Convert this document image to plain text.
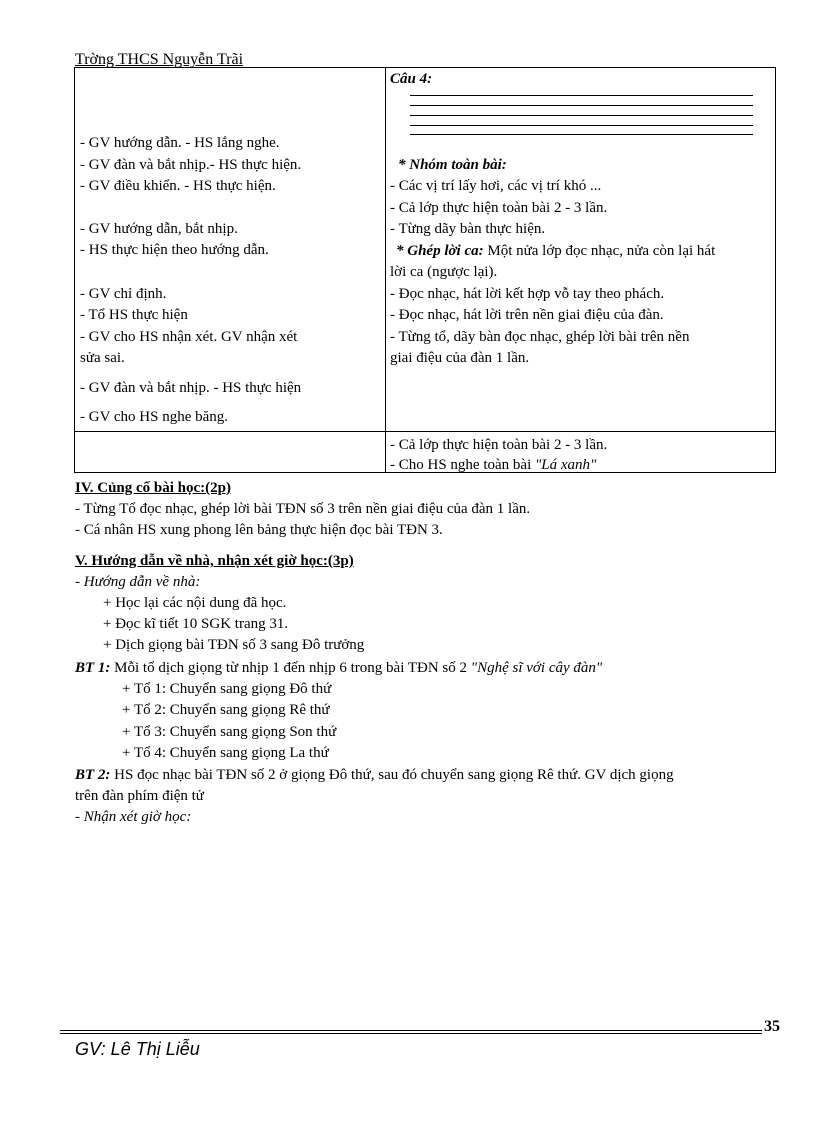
Trờng THCS Nguyễn Trãi
- GV hướng dẫn. - HS lắng nghe.
- GV đàn và bắt nhịp.- HS thực hiện.
- GV điều khiển. - HS thực hiện.
- GV hướng dẫn, bắt nhịp.
- HS thực hiện theo hướng dẫn.
- GV chỉ định.
- Tổ HS thực hiện
- GV cho HS nhận xét. GV nhận xét
sửa sai.
- GV đàn và bắt nhịp. - HS thực hiện
- GV cho HS nghe băng.
Câu 4:
* Nhóm toàn bài:
- Các vị trí lấy hơi, các vị trí khó ...
- Cả lớp thực hiện toàn bài 2 - 3 lần.
- Từng dãy bàn thực hiện.
* Ghép lời ca: Một nửa lớp đọc nhạc, nửa còn lại hát
lời ca (ngược lại).
- Đọc nhạc, hát lời kết hợp vỗ tay theo phách.
- Đọc nhạc, hát lời trên nền giai điệu của đàn.
- Từng tổ, dãy bàn đọc nhạc, ghép lời bài trên nền
giai điệu của đàn 1 lần.
- Cả lớp thực hiện toàn bài 2 - 3 lần.
- Cho HS nghe toàn bài "Lá xanh"
IV. Củng cố bài học:(2p)
- Từng Tổ đọc nhạc, ghép lời bài TĐN số 3 trên nền giai điệu của đàn 1 lần.
- Cá nhân HS xung phong lên bảng thực hiện đọc bài TĐN 3.
V. Hướng dẫn về nhà, nhận xét giờ học:(3p)
- Hướng dẫn về nhà:
+ Học lại các nội dung đã học.
+ Đọc kĩ tiết 10 SGK trang 31.
+ Dịch giọng bài TĐN số 3 sang Đô trưởng
BT 1: Mỗi tổ dịch giọng từ nhịp 1 đến nhịp 6 trong bài TĐN số 2 "Nghệ sĩ với cây đàn"
+ Tổ 1: Chuyển sang giọng Đô thứ
+ Tổ 2: Chuyển sang giọng Rê thứ
+ Tổ 3: Chuyển sang giọng Son thứ
+ Tổ 4: Chuyển sang giọng La thứ
BT 2: HS đọc nhạc bài TĐN số 2 ở giọng Đô thứ, sau đó chuyển sang giọng Rê thứ. GV dịch giọng
trên đàn phím điện tử
- Nhận xét giờ học:
35
GV: Lê Thị Liễu
